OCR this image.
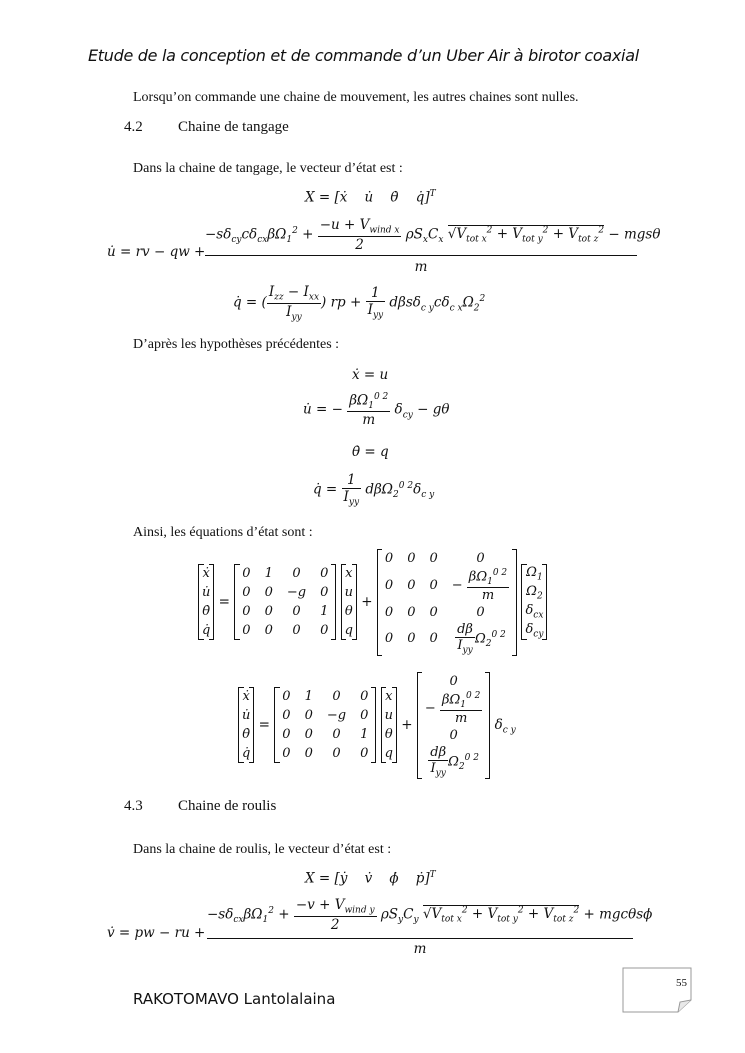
Etude de la conception et de commande d’un Uber Air à birotor coaxial
Lorsqu’on commande une chaine de mouvement, les autres chaines sont nulles.
4.2 Chaine de tangage
Dans la chaine de tangage, le vecteur d’état est :
X = [ẋ    u̇    θ̇    q̇]$^T$
u̇ = rv − qw +
$-s\delta_{cy}c\delta_{cx}\beta\Omega_1^2 + \frac{-u + V_{wind x}}{2} \rho S_xC_x$ $√V_{tot x}^2 + V_{tot y}^2 + V_{tot z}^2 - mgs\theta$
m
q̇ = ( $\frac{I_{zz} - I_{xx}}{I_{yy}}$ ) rp + $\frac{1}{I_{yy}} d\beta s\delta_{c y}c\delta_{c x}\Omega_2^2$
D’après les hypothèses précédentes :
ẋ = u
u̇ = − $\frac{\beta\Omega_1^{0 2}}{m} \delta_{cy} - g\theta$
θ̇ = q
q̇ = $\frac{1}{I_{yy}} d\beta\Omega_2^{0 2}\delta_{c y}$
Ainsi, les équations d’état sont :
ẋ
u̇
θ̇
q̇
= 0	1	0	0
0	0	−g	0
0	0	0	1
0	0	0	0
x
u
θ
q
+ 0	0	0	0
0	0	0	− $\frac{\beta\Omega_1^{0 2}}{m}$

0	0	0	0
0	0	0	$\frac{d\beta}{I_{yy}} \Omega_2^{0 2}$
$\Omega_1$
$\Omega_2$
$\delta_{cx}$
$\delta_{cy}$

ẋ
u̇
θ̇
q̇
= 0	1	0	0
0	0	−g	0
0	0	0	1
0	0	0	0
x
u
θ
q
+ 0
− $\frac{\beta\Omega_1^{0 2}}{m}$

0

$\frac{d\beta}{I_{yy}} \Omega_2^{0 2}$
$\delta_{c y}$
4.3 Chaine de roulis
Dans la chaine de roulis, le vecteur d’état est :
X = [ẏ    v̇    ϕ̇    ṗ]$^T$
v̇ = pw − ru +
$-s\delta_{cx}\beta\Omega_1^2 + \frac{-v + V_{wind y}}{2} \rho S_yC_y$ $√V_{tot x}^2 + V_{tot y}^2 + V_{tot z}^2 + mgc\theta s\phi$
m
55
RAKOTOMAVO Lantolalaina
